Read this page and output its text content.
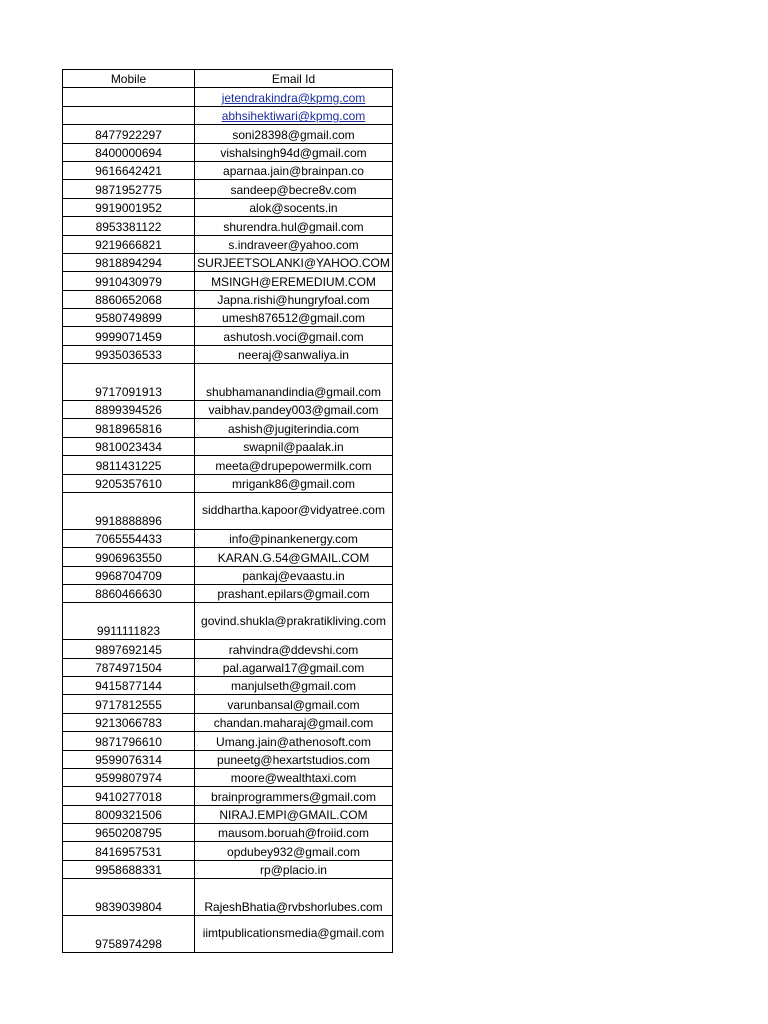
Mobile	Email Id
	jetendrakindra@kpmg.com
	abhsihektiwari@kpmg.com
8477922297	soni28398@gmail.com
8400000694	vishalsingh94d@gmail.com
9616642421	aparnaa.jain@brainpan.co
9871952775	sandeep@becre8v.com
9919001952	alok@socents.in
8953381122	shurendra.hul@gmail.com
9219666821	s.indraveer@yahoo.com
9818894294	SURJEETSOLANKI@YAHOO.COM
9910430979	MSINGH@EREMEDIUM.COM
8860652068	Japna.rishi@hungryfoal.com
9580749899	umesh876512@gmail.com
9999071459	ashutosh.voci@gmail.com
9935036533	neeraj@sanwaliya.in
9717091913	shubhamanandindia@gmail.com
8899394526	vaibhav.pandey003@gmail.com
9818965816	ashish@jugiterindia.com
9810023434	swapnil@paalak.in
9811431225	meeta@drupepowermilk.com
9205357610	mrigank86@gmail.com
9918888896	siddhartha.kapoor@vidyatree.com
7065554433	info@pinankenergy.com
9906963550	KARAN.G.54@GMAIL.COM
9968704709	pankaj@evaastu.in
8860466630	prashant.epilars@gmail.com
9911111823	govind.shukla@prakratikliving.com
9897692145	rahvindra@ddevshi.com
7874971504	pal.agarwal17@gmail.com
9415877144	manjulseth@gmail.com
9717812555	varunbansal@gmail.com
9213066783	chandan.maharaj@gmail.com
9871796610	Umang.jain@athenosoft.com
9599076314	puneetg@hexartstudios.com
9599807974	moore@wealthtaxi.com
9410277018	brainprogrammers@gmail.com
8009321506	NIRAJ.EMPI@GMAIL.COM
9650208795	mausom.boruah@froiid.com
8416957531	opdubey932@gmail.com
9958688331	rp@placio.in
9839039804	RajeshBhatia@rvbshorlubes.com
9758974298	iimtpublicationsmedia@gmail.com
